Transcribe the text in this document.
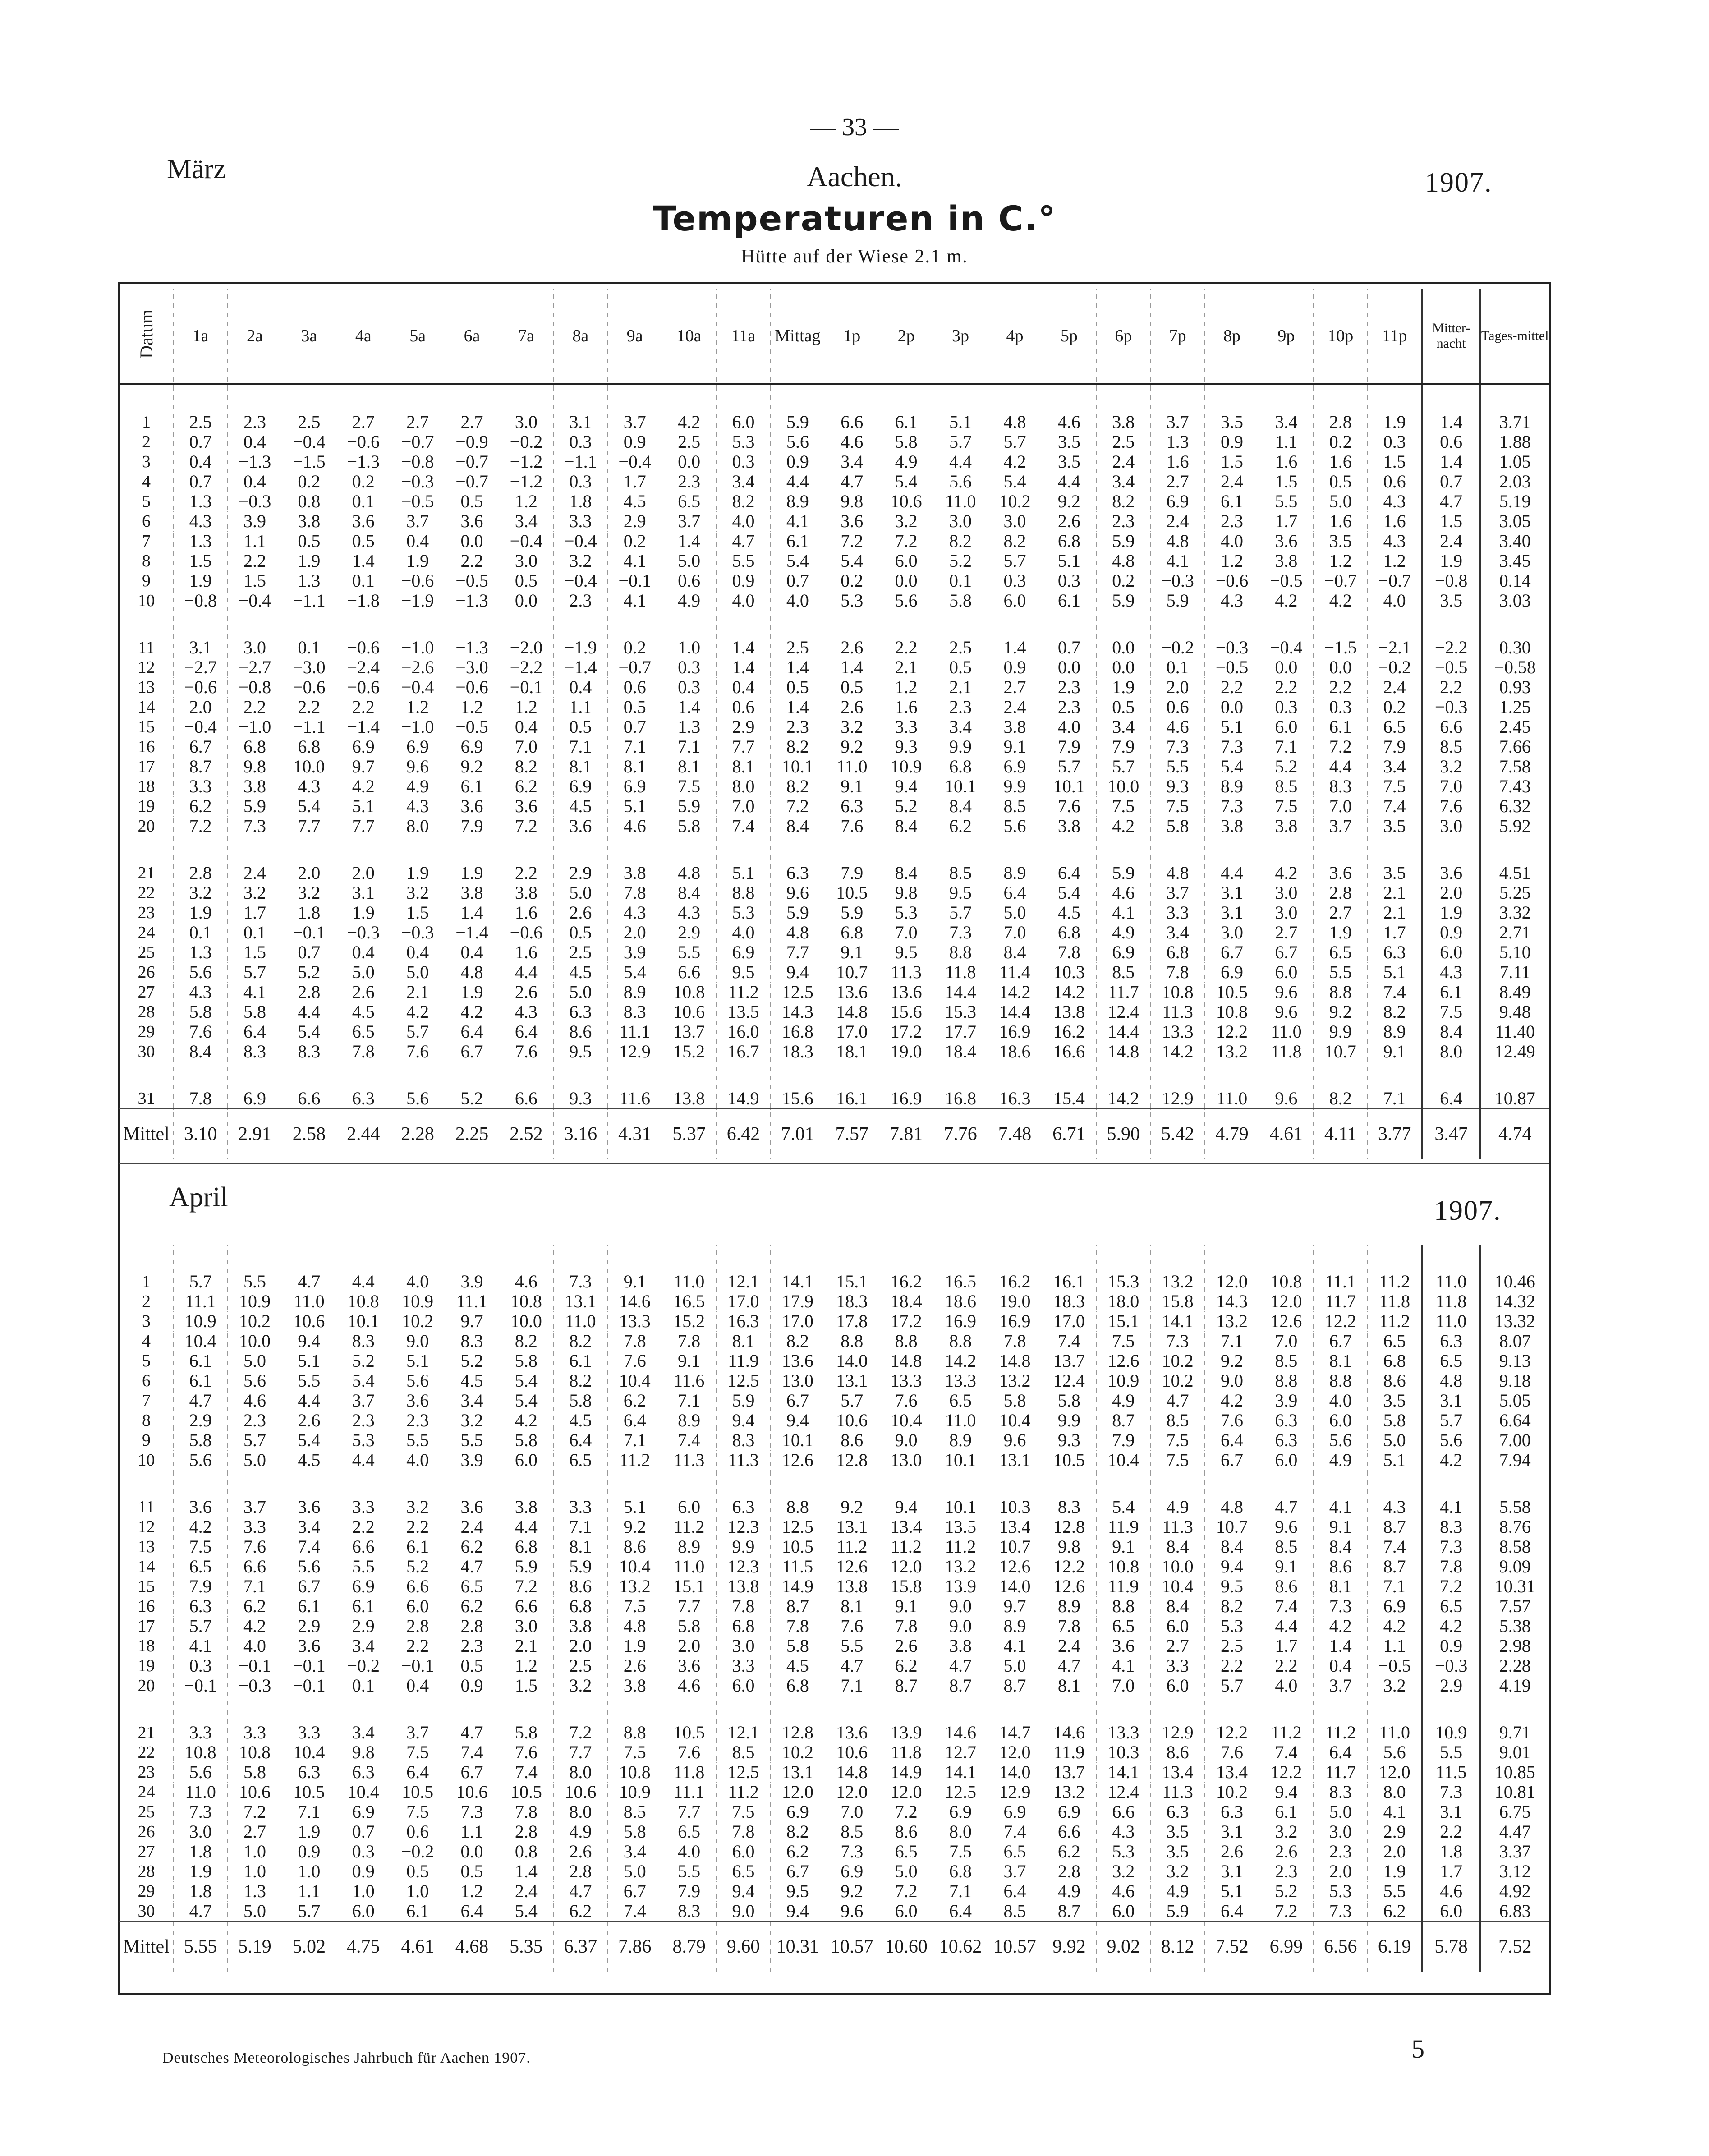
— 33 —
März	1907.
Aachen.
Temperaturen in C.°
Hütte auf der Wiese 2.1 m.
Datum	1a	2a	3a	4a	5a	6a	7a	8a	9a	10a	11a	Mittag	1p	2p	3p	4p	5p	6p	7p	8p	9p	10p	11p	Mitter-nacht	Tages-mittel
1	2.5	2.3	2.5	2.7	2.7	2.7	3.0	3.1	3.7	4.2	6.0	5.9	6.6	6.1	5.1	4.8	4.6	3.8	3.7	3.5	3.4	2.8	1.9	1.4	3.71
2	0.7	0.4	−0.4	−0.6	−0.7	−0.9	−0.2	0.3	0.9	2.5	5.3	5.6	4.6	5.8	5.7	5.7	3.5	2.5	1.3	0.9	1.1	0.2	0.3	0.6	1.88
3	0.4	−1.3	−1.5	−1.3	−0.8	−0.7	−1.2	−1.1	−0.4	0.0	0.3	0.9	3.4	4.9	4.4	4.2	3.5	2.4	1.6	1.5	1.6	1.6	1.5	1.4	1.05
4	0.7	0.4	0.2	0.2	−0.3	−0.7	−1.2	0.3	1.7	2.3	3.4	4.4	4.7	5.4	5.6	5.4	4.4	3.4	2.7	2.4	1.5	0.5	0.6	0.7	2.03
5	1.3	−0.3	0.8	0.1	−0.5	0.5	1.2	1.8	4.5	6.5	8.2	8.9	9.8	10.6	11.0	10.2	9.2	8.2	6.9	6.1	5.5	5.0	4.3	4.7	5.19
6	4.3	3.9	3.8	3.6	3.7	3.6	3.4	3.3	2.9	3.7	4.0	4.1	3.6	3.2	3.0	3.0	2.6	2.3	2.4	2.3	1.7	1.6	1.6	1.5	3.05
7	1.3	1.1	0.5	0.5	0.4	0.0	−0.4	−0.4	0.2	1.4	4.7	6.1	7.2	7.2	8.2	8.2	6.8	5.9	4.8	4.0	3.6	3.5	4.3	2.4	3.40
8	1.5	2.2	1.9	1.4	1.9	2.2	3.0	3.2	4.1	5.0	5.5	5.4	5.4	6.0	5.2	5.7	5.1	4.8	4.1	1.2	3.8	1.2	1.2	1.9	3.45
9	1.9	1.5	1.3	0.1	−0.6	−0.5	0.5	−0.4	−0.1	0.6	0.9	0.7	0.2	0.0	0.1	0.3	0.3	0.2	−0.3	−0.6	−0.5	−0.7	−0.7	−0.8	0.14
10	−0.8	−0.4	−1.1	−1.8	−1.9	−1.3	0.0	2.3	4.1	4.9	4.0	4.0	5.3	5.6	5.8	6.0	6.1	5.9	5.9	4.3	4.2	4.2	4.0	3.5	3.03
11	3.1	3.0	0.1	−0.6	−1.0	−1.3	−2.0	−1.9	0.2	1.0	1.4	2.5	2.6	2.2	2.5	1.4	0.7	0.0	−0.2	−0.3	−0.4	−1.5	−2.1	−2.2	0.30
12	−2.7	−2.7	−3.0	−2.4	−2.6	−3.0	−2.2	−1.4	−0.7	0.3	1.4	1.4	1.4	2.1	0.5	0.9	0.0	0.0	0.1	−0.5	0.0	0.0	−0.2	−0.5	−0.58
13	−0.6	−0.8	−0.6	−0.6	−0.4	−0.6	−0.1	0.4	0.6	0.3	0.4	0.5	0.5	1.2	2.1	2.7	2.3	1.9	2.0	2.2	2.2	2.2	2.4	2.2	0.93
14	2.0	2.2	2.2	2.2	1.2	1.2	1.2	1.1	0.5	1.4	0.6	1.4	2.6	1.6	2.3	2.4	2.3	0.5	0.6	0.0	0.3	0.3	0.2	−0.3	1.25
15	−0.4	−1.0	−1.1	−1.4	−1.0	−0.5	0.4	0.5	0.7	1.3	2.9	2.3	3.2	3.3	3.4	3.8	4.0	3.4	4.6	5.1	6.0	6.1	6.5	6.6	2.45
16	6.7	6.8	6.8	6.9	6.9	6.9	7.0	7.1	7.1	7.1	7.7	8.2	9.2	9.3	9.9	9.1	7.9	7.9	7.3	7.3	7.1	7.2	7.9	8.5	7.66
17	8.7	9.8	10.0	9.7	9.6	9.2	8.2	8.1	8.1	8.1	8.1	10.1	11.0	10.9	6.8	6.9	5.7	5.7	5.5	5.4	5.2	4.4	3.4	3.2	7.58
18	3.3	3.8	4.3	4.2	4.9	6.1	6.2	6.9	6.9	7.5	8.0	8.2	9.1	9.4	10.1	9.9	10.1	10.0	9.3	8.9	8.5	8.3	7.5	7.0	7.43
19	6.2	5.9	5.4	5.1	4.3	3.6	3.6	4.5	5.1	5.9	7.0	7.2	6.3	5.2	8.4	8.5	7.6	7.5	7.5	7.3	7.5	7.0	7.4	7.6	6.32
20	7.2	7.3	7.7	7.7	8.0	7.9	7.2	3.6	4.6	5.8	7.4	8.4	7.6	8.4	6.2	5.6	3.8	4.2	5.8	3.8	3.8	3.7	3.5	3.0	5.92
21	2.8	2.4	2.0	2.0	1.9	1.9	2.2	2.9	3.8	4.8	5.1	6.3	7.9	8.4	8.5	8.9	6.4	5.9	4.8	4.4	4.2	3.6	3.5	3.6	4.51
22	3.2	3.2	3.2	3.1	3.2	3.8	3.8	5.0	7.8	8.4	8.8	9.6	10.5	9.8	9.5	6.4	5.4	4.6	3.7	3.1	3.0	2.8	2.1	2.0	5.25
23	1.9	1.7	1.8	1.9	1.5	1.4	1.6	2.6	4.3	4.3	5.3	5.9	5.9	5.3	5.7	5.0	4.5	4.1	3.3	3.1	3.0	2.7	2.1	1.9	3.32
24	0.1	0.1	−0.1	−0.3	−0.3	−1.4	−0.6	0.5	2.0	2.9	4.0	4.8	6.8	7.0	7.3	7.0	6.8	4.9	3.4	3.0	2.7	1.9	1.7	0.9	2.71
25	1.3	1.5	0.7	0.4	0.4	0.4	1.6	2.5	3.9	5.5	6.9	7.7	9.1	9.5	8.8	8.4	7.8	6.9	6.8	6.7	6.7	6.5	6.3	6.0	5.10
26	5.6	5.7	5.2	5.0	5.0	4.8	4.4	4.5	5.4	6.6	9.5	9.4	10.7	11.3	11.8	11.4	10.3	8.5	7.8	6.9	6.0	5.5	5.1	4.3	7.11
27	4.3	4.1	2.8	2.6	2.1	1.9	2.6	5.0	8.9	10.8	11.2	12.5	13.6	13.6	14.4	14.2	14.2	11.7	10.8	10.5	9.6	8.8	7.4	6.1	8.49
28	5.8	5.8	4.4	4.5	4.2	4.2	4.3	6.3	8.3	10.6	13.5	14.3	14.8	15.6	15.3	14.4	13.8	12.4	11.3	10.8	9.6	9.2	8.2	7.5	9.48
29	7.6	6.4	5.4	6.5	5.7	6.4	6.4	8.6	11.1	13.7	16.0	16.8	17.0	17.2	17.7	16.9	16.2	14.4	13.3	12.2	11.0	9.9	8.9	8.4	11.40
30	8.4	8.3	8.3	7.8	7.6	6.7	7.6	9.5	12.9	15.2	16.7	18.3	18.1	19.0	18.4	18.6	16.6	14.8	14.2	13.2	11.8	10.7	9.1	8.0	12.49
31	7.8	6.9	6.6	6.3	5.6	5.2	6.6	9.3	11.6	13.8	14.9	15.6	16.1	16.9	16.8	16.3	15.4	14.2	12.9	11.0	9.6	8.2	7.1	6.4	10.87
Mittel	3.10	2.91	2.58	2.44	2.28	2.25	2.52	3.16	4.31	5.37	6.42	7.01	7.57	7.81	7.76	7.48	6.71	5.90	5.42	4.79	4.61	4.11	3.77	3.47	4.74
April	1907.
1	5.7	5.5	4.7	4.4	4.0	3.9	4.6	7.3	9.1	11.0	12.1	14.1	15.1	16.2	16.5	16.2	16.1	15.3	13.2	12.0	10.8	11.1	11.2	11.0	10.46
2	11.1	10.9	11.0	10.8	10.9	11.1	10.8	13.1	14.6	16.5	17.0	17.9	18.3	18.4	18.6	19.0	18.3	18.0	15.8	14.3	12.0	11.7	11.8	11.8	14.32
3	10.9	10.2	10.6	10.1	10.2	9.7	10.0	11.0	13.3	15.2	16.3	17.0	17.8	17.2	16.9	16.9	17.0	15.1	14.1	13.2	12.6	12.2	11.2	11.0	13.32
4	10.4	10.0	9.4	8.3	9.0	8.3	8.2	8.2	7.8	7.8	8.1	8.2	8.8	8.8	8.8	7.8	7.4	7.5	7.3	7.1	7.0	6.7	6.5	6.3	8.07
5	6.1	5.0	5.1	5.2	5.1	5.2	5.8	6.1	7.6	9.1	11.9	13.6	14.0	14.8	14.2	14.8	13.7	12.6	10.2	9.2	8.5	8.1	6.8	6.5	9.13
6	6.1	5.6	5.5	5.4	5.6	4.5	5.4	8.2	10.4	11.6	12.5	13.0	13.1	13.3	13.3	13.2	12.4	10.9	10.2	9.0	8.8	8.8	8.6	4.8	9.18
7	4.7	4.6	4.4	3.7	3.6	3.4	5.4	5.8	6.2	7.1	5.9	6.7	5.7	7.6	6.5	5.8	5.8	4.9	4.7	4.2	3.9	4.0	3.5	3.1	5.05
8	2.9	2.3	2.6	2.3	2.3	3.2	4.2	4.5	6.4	8.9	9.4	9.4	10.6	10.4	11.0	10.4	9.9	8.7	8.5	7.6	6.3	6.0	5.8	5.7	6.64
9	5.8	5.7	5.4	5.3	5.5	5.5	5.8	6.4	7.1	7.4	8.3	10.1	8.6	9.0	8.9	9.6	9.3	7.9	7.5	6.4	6.3	5.6	5.0	5.6	7.00
10	5.6	5.0	4.5	4.4	4.0	3.9	6.0	6.5	11.2	11.3	11.3	12.6	12.8	13.0	10.1	13.1	10.5	10.4	7.5	6.7	6.0	4.9	5.1	4.2	7.94
11	3.6	3.7	3.6	3.3	3.2	3.6	3.8	3.3	5.1	6.0	6.3	8.8	9.2	9.4	10.1	10.3	8.3	5.4	4.9	4.8	4.7	4.1	4.3	4.1	5.58
12	4.2	3.3	3.4	2.2	2.2	2.4	4.4	7.1	9.2	11.2	12.3	12.5	13.1	13.4	13.5	13.4	12.8	11.9	11.3	10.7	9.6	9.1	8.7	8.3	8.76
13	7.5	7.6	7.4	6.6	6.1	6.2	6.8	8.1	8.6	8.9	9.9	10.5	11.2	11.2	11.2	10.7	9.8	9.1	8.4	8.4	8.5	8.4	7.4	7.3	8.58
14	6.5	6.6	5.6	5.5	5.2	4.7	5.9	5.9	10.4	11.0	12.3	11.5	12.6	12.0	13.2	12.6	12.2	10.8	10.0	9.4	9.1	8.6	8.7	7.8	9.09
15	7.9	7.1	6.7	6.9	6.6	6.5	7.2	8.6	13.2	15.1	13.8	14.9	13.8	15.8	13.9	14.0	12.6	11.9	10.4	9.5	8.6	8.1	7.1	7.2	10.31
16	6.3	6.2	6.1	6.1	6.0	6.2	6.6	6.8	7.5	7.7	7.8	8.7	8.1	9.1	9.0	9.7	8.9	8.8	8.4	8.2	7.4	7.3	6.9	6.5	7.57
17	5.7	4.2	2.9	2.9	2.8	2.8	3.0	3.8	4.8	5.8	6.8	7.8	7.6	7.8	9.0	8.9	7.8	6.5	6.0	5.3	4.4	4.2	4.2	4.2	5.38
18	4.1	4.0	3.6	3.4	2.2	2.3	2.1	2.0	1.9	2.0	3.0	5.8	5.5	2.6	3.8	4.1	2.4	3.6	2.7	2.5	1.7	1.4	1.1	0.9	2.98
19	0.3	−0.1	−0.1	−0.2	−0.1	0.5	1.2	2.5	2.6	3.6	3.3	4.5	4.7	6.2	4.7	5.0	4.7	4.1	3.3	2.2	2.2	0.4	−0.5	−0.3	2.28
20	−0.1	−0.3	−0.1	0.1	0.4	0.9	1.5	3.2	3.8	4.6	6.0	6.8	7.1	8.7	8.7	8.7	8.1	7.0	6.0	5.7	4.0	3.7	3.2	2.9	4.19
21	3.3	3.3	3.3	3.4	3.7	4.7	5.8	7.2	8.8	10.5	12.1	12.8	13.6	13.9	14.6	14.7	14.6	13.3	12.9	12.2	11.2	11.2	11.0	10.9	9.71
22	10.8	10.8	10.4	9.8	7.5	7.4	7.6	7.7	7.5	7.6	8.5	10.2	10.6	11.8	12.7	12.0	11.9	10.3	8.6	7.6	7.4	6.4	5.6	5.5	9.01
23	5.6	5.8	6.3	6.3	6.4	6.7	7.4	8.0	10.8	11.8	12.5	13.1	14.8	14.9	14.1	14.0	13.7	14.1	13.4	13.4	12.2	11.7	12.0	11.5	10.85
24	11.0	10.6	10.5	10.4	10.5	10.6	10.5	10.6	10.9	11.1	11.2	12.0	12.0	12.0	12.5	12.9	13.2	12.4	11.3	10.2	9.4	8.3	8.0	7.3	10.81
25	7.3	7.2	7.1	6.9	7.5	7.3	7.8	8.0	8.5	7.7	7.5	6.9	7.0	7.2	6.9	6.9	6.9	6.6	6.3	6.3	6.1	5.0	4.1	3.1	6.75
26	3.0	2.7	1.9	0.7	0.6	1.1	2.8	4.9	5.8	6.5	7.8	8.2	8.5	8.6	8.0	7.4	6.6	4.3	3.5	3.1	3.2	3.0	2.9	2.2	4.47
27	1.8	1.0	0.9	0.3	−0.2	0.0	0.8	2.6	3.4	4.0	6.0	6.2	7.3	6.5	7.5	6.5	6.2	5.3	3.5	2.6	2.6	2.3	2.0	1.8	3.37
28	1.9	1.0	1.0	0.9	0.5	0.5	1.4	2.8	5.0	5.5	6.5	6.7	6.9	5.0	6.8	3.7	2.8	3.2	3.2	3.1	2.3	2.0	1.9	1.7	3.12
29	1.8	1.3	1.1	1.0	1.0	1.2	2.4	4.7	6.7	7.9	9.4	9.5	9.2	7.2	7.1	6.4	4.9	4.6	4.9	5.1	5.2	5.3	5.5	4.6	4.92
30	4.7	5.0	5.7	6.0	6.1	6.4	5.4	6.2	7.4	8.3	9.0	9.4	9.6	6.0	6.4	8.5	8.7	6.0	5.9	6.4	7.2	7.3	6.2	6.0	6.83
Mittel	5.55	5.19	5.02	4.75	4.61	4.68	5.35	6.37	7.86	8.79	9.60	10.31	10.57	10.60	10.62	10.57	9.92	9.02	8.12	7.52	6.99	6.56	6.19	5.78	7.52
Deutsches Meteorologisches Jahrbuch für Aachen 1907.	5
